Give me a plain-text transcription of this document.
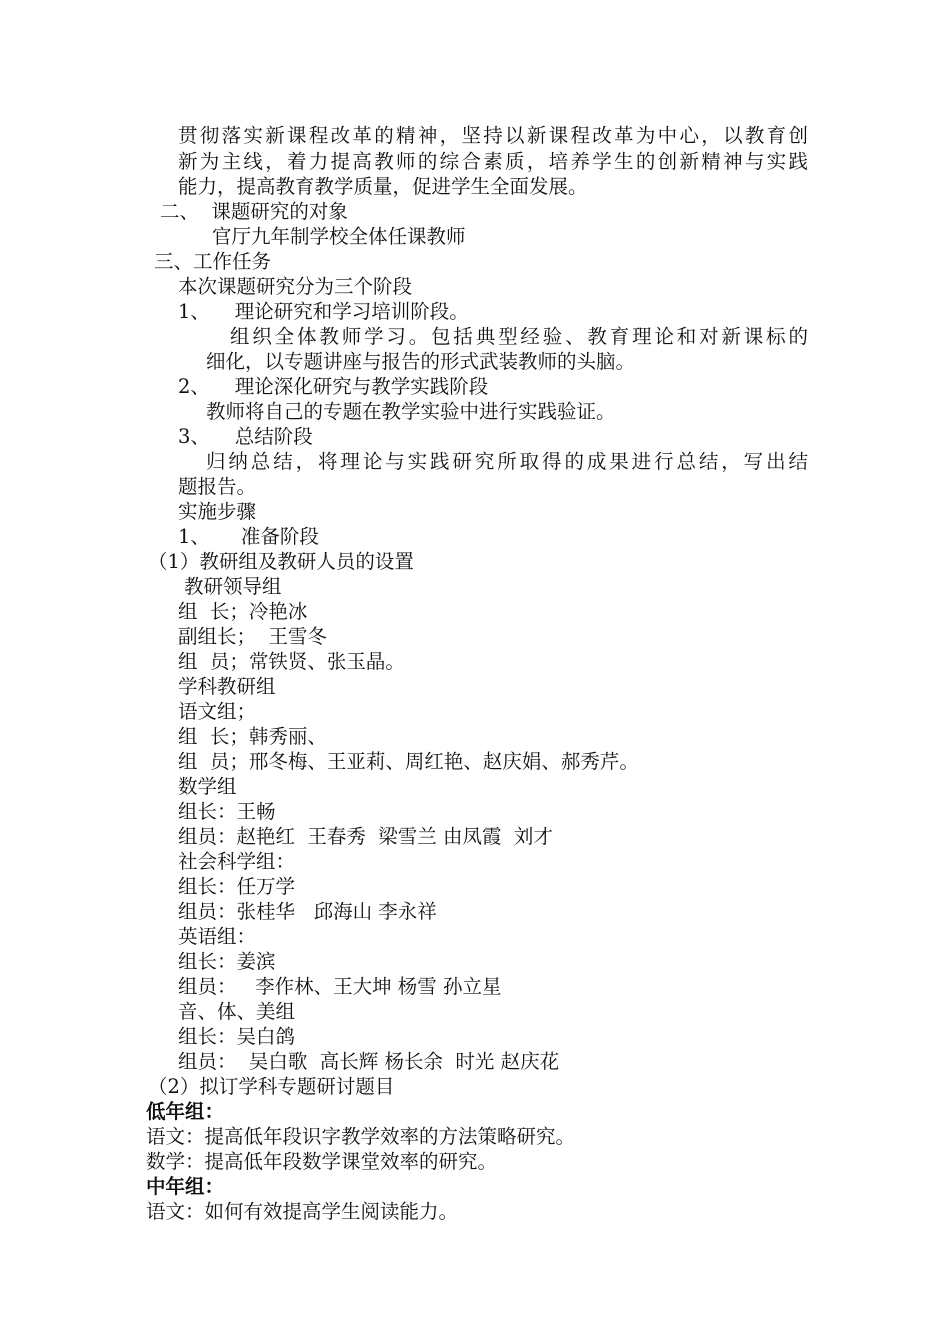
贯彻落实新课程改革的精神，坚持以新课程改革为中心，以教育创
新为主线，着力提高教师的综合素质，培养学生的创新精神与实践
能力，提高教育教学质量，促进学生全面发展。
二、  课题研究的对象
官厅九年制学校全体任课教师
三、工作任务
本次课题研究分为三个阶段
1、    理论研究和学习培训阶段。
组织全体教师学习。包括典型经验、教育理论和对新课标的
细化，以专题讲座与报告的形式武装教师的头脑。
2、    理论深化研究与教学实践阶段
教师将自己的专题在教学实验中进行实践验证。
3、    总结阶段
归纳总结，将理论与实践研究所取得的成果进行总结，写出结
题报告。
实施步骤
1、     准备阶段
（1）教研组及教研人员的设置
教研领导组
组  长；冷艳冰
副组长；  王雪冬
组  员；常铁贤、张玉晶。
学科教研组
语文组；
组  长；韩秀丽、
组  员；邢冬梅、王亚莉、周红艳、赵庆娟、郝秀芹。
数学组
组长：王畅
组员：赵艳红  王春秀  梁雪兰 由凤霞  刘才
社会科学组：
组长：任万学
组员：张桂华   邱海山 李永祥
英语组：
组长：姜滨
组员：   李作林、王大坤 杨雪 孙立星
音、体、美组
组长：吴白鸽
组员：  吴白歌  高长辉 杨长余  时光 赵庆花
（2）拟订学科专题研讨题目
低年组：
语文：提高低年段识字教学效率的方法策略研究。
数学：提高低年段数学课堂效率的研究。
中年组：
语文：如何有效提高学生阅读能力。
